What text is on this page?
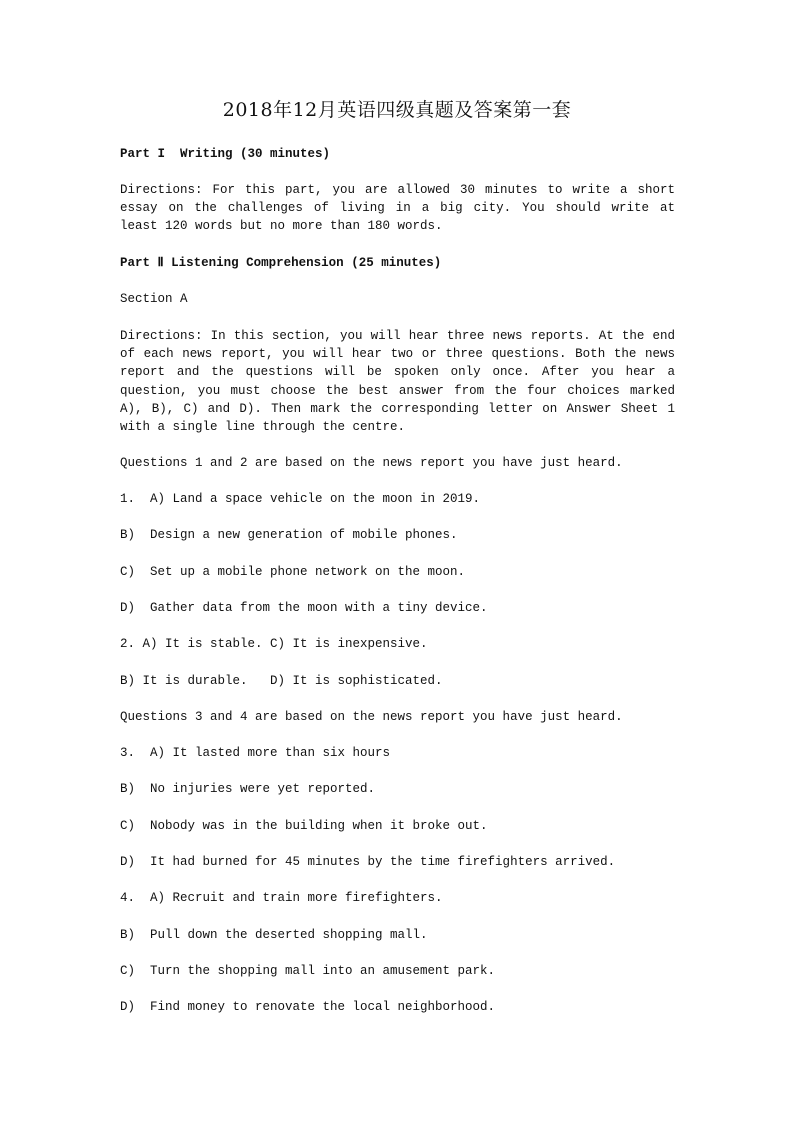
2018年12月英语四级真题及答案第一套
Part I  Writing (30 minutes)
Directions: For this part, you are allowed 30 minutes to write a short essay on the challenges of living in a big city. You should write at least 120 words but no more than 180 words.
Part Ⅱ Listening Comprehension (25 minutes)
Section A
Directions: In this section, you will hear three news reports. At the end of each news report, you will hear two or three questions. Both the news report and the questions will be spoken only once. After you hear a question, you must choose the best answer from the four choices marked A), B), C) and D). Then mark the corresponding letter on Answer Sheet 1 with a single line through the centre.
Questions 1 and 2 are based on the news report you have just heard.
1.  A) Land a space vehicle on the moon in 2019.
B)  Design a new generation of mobile phones.
C)  Set up a mobile phone network on the moon.
D)  Gather data from the moon with a tiny device.
2. A) It is stable. C) It is inexpensive.
B) It is durable.   D) It is sophisticated.
Questions 3 and 4 are based on the news report you have just heard.
3.  A) It lasted more than six hours
B)  No injuries were yet reported.
C)  Nobody was in the building when it broke out.
D)  It had burned for 45 minutes by the time firefighters arrived.
4.  A) Recruit and train more firefighters.
B)  Pull down the deserted shopping mall.
C)  Turn the shopping mall into an amusement park.
D)  Find money to renovate the local neighborhood.
